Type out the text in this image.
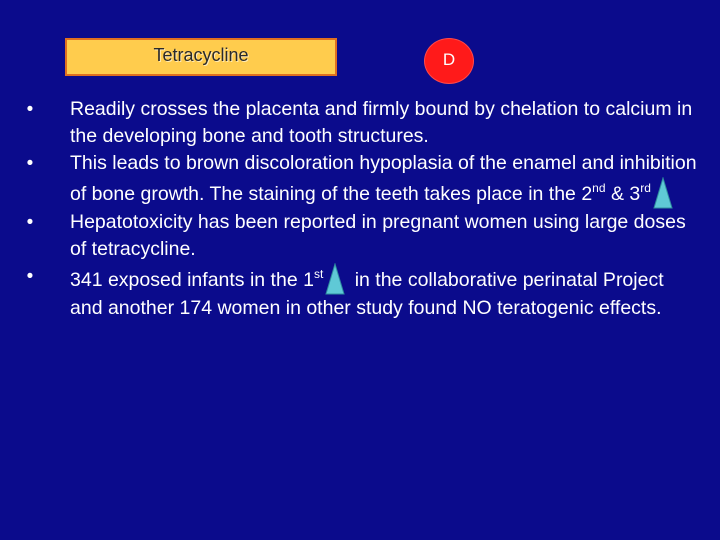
Tetracycline	D
•	Readily crosses the placenta and firmly bound by chelation to calcium in the developing bone and tooth structures.
•	This leads to brown discoloration hypoplasia of the enamel and inhibition of bone growth. The staining of the teeth takes place in the 2nd & 3rd
•	Hepatotoxicity has been reported in pregnant women using large doses of tetracycline.
•	341 exposed infants in the 1st in the collaborative perinatal Project and another 174 women in other study found NO teratogenic effects.
